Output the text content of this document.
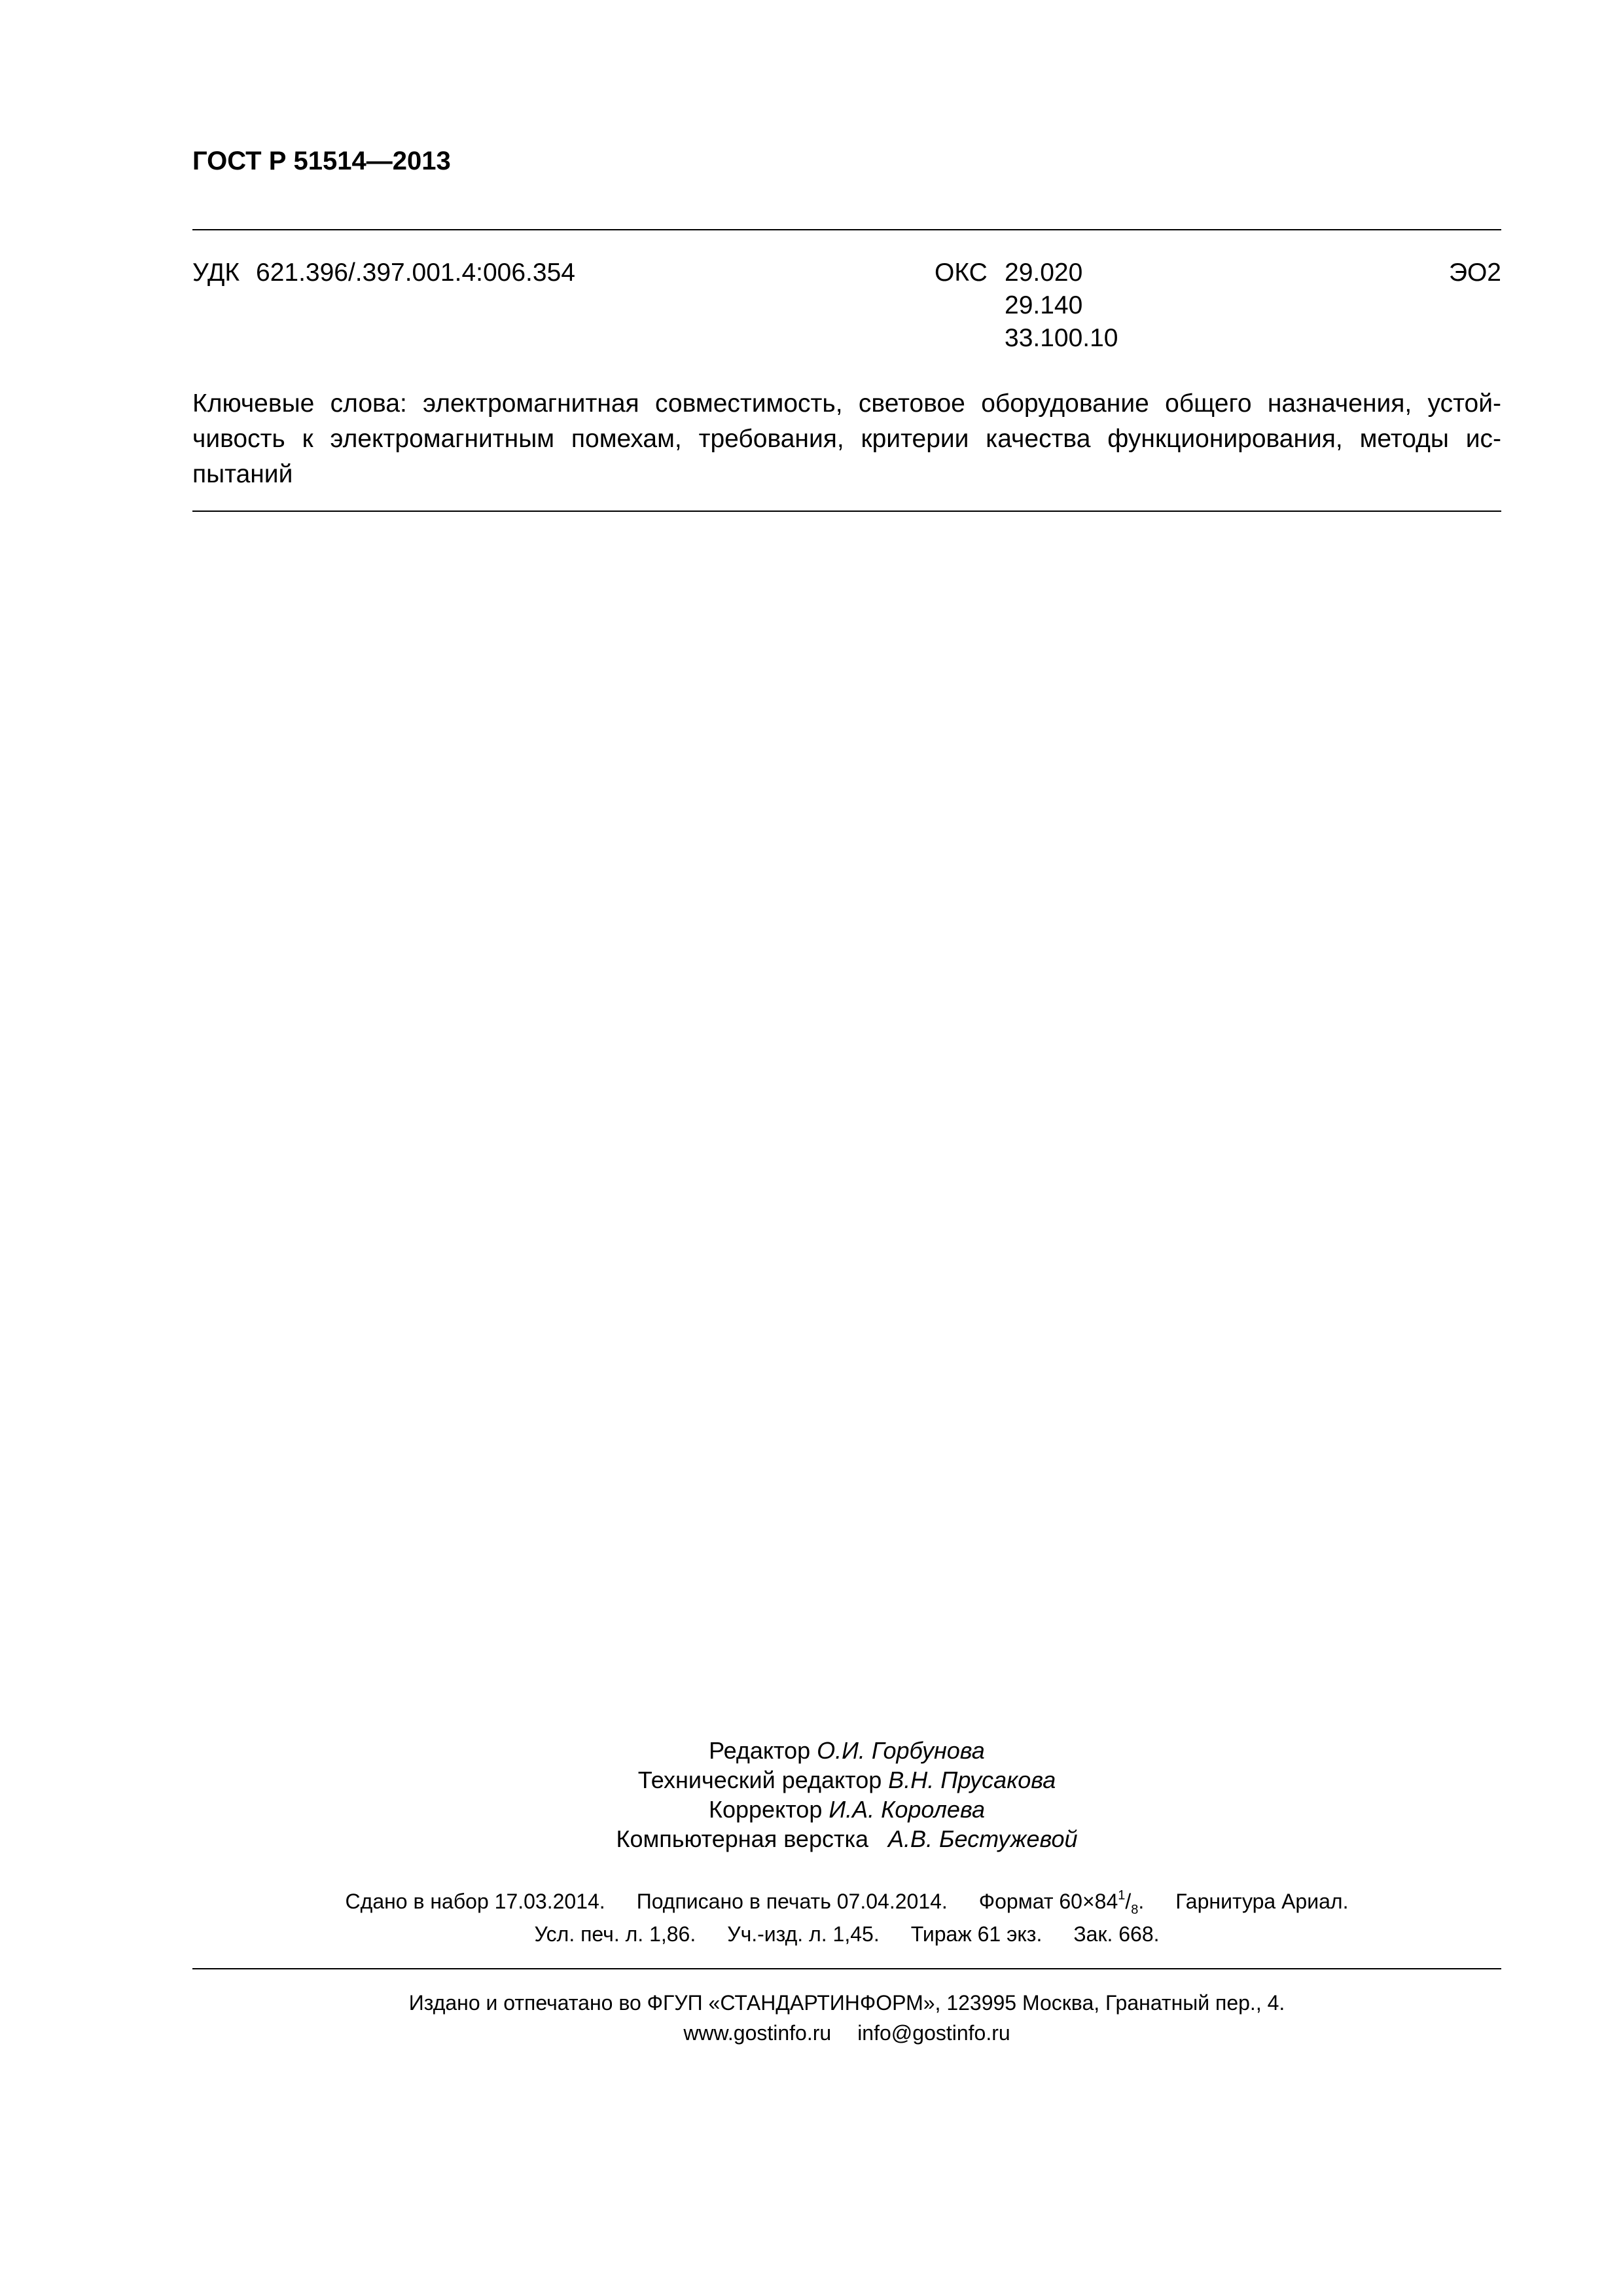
ГОСТ Р 51514—2013
УДК 621.396/.397.001.4:006.354	ОКС 29.020
29.140
33.100.10
ЭО2
Ключевые слова: электромагнитная совместимость, световое оборудование общего назначения, устой-
чивость к электромагнитным помехам, требования, критерии качества функционирования, методы ис-
пытаний
Редактор О.И. Горбунова
Технический редактор В.Н. Прусакова
Корректор И.А. Королева
Компьютерная верстка А.В. Бестужевой
Сдано в набор 17.03.2014. Подписано в печать 07.04.2014. Формат $60\times 84^1/_8$. Гарнитура Ариал.
Усл. печ. л. 1,86. Уч.-изд. л. 1,45. Тираж 61 экз. Зак. 668.
Издано и отпечатано во ФГУП «СТАНДАРТИНФОРМ», 123995 Москва, Гранатный пер., 4.
www.gostinfo.ru info@gostinfo.ru
